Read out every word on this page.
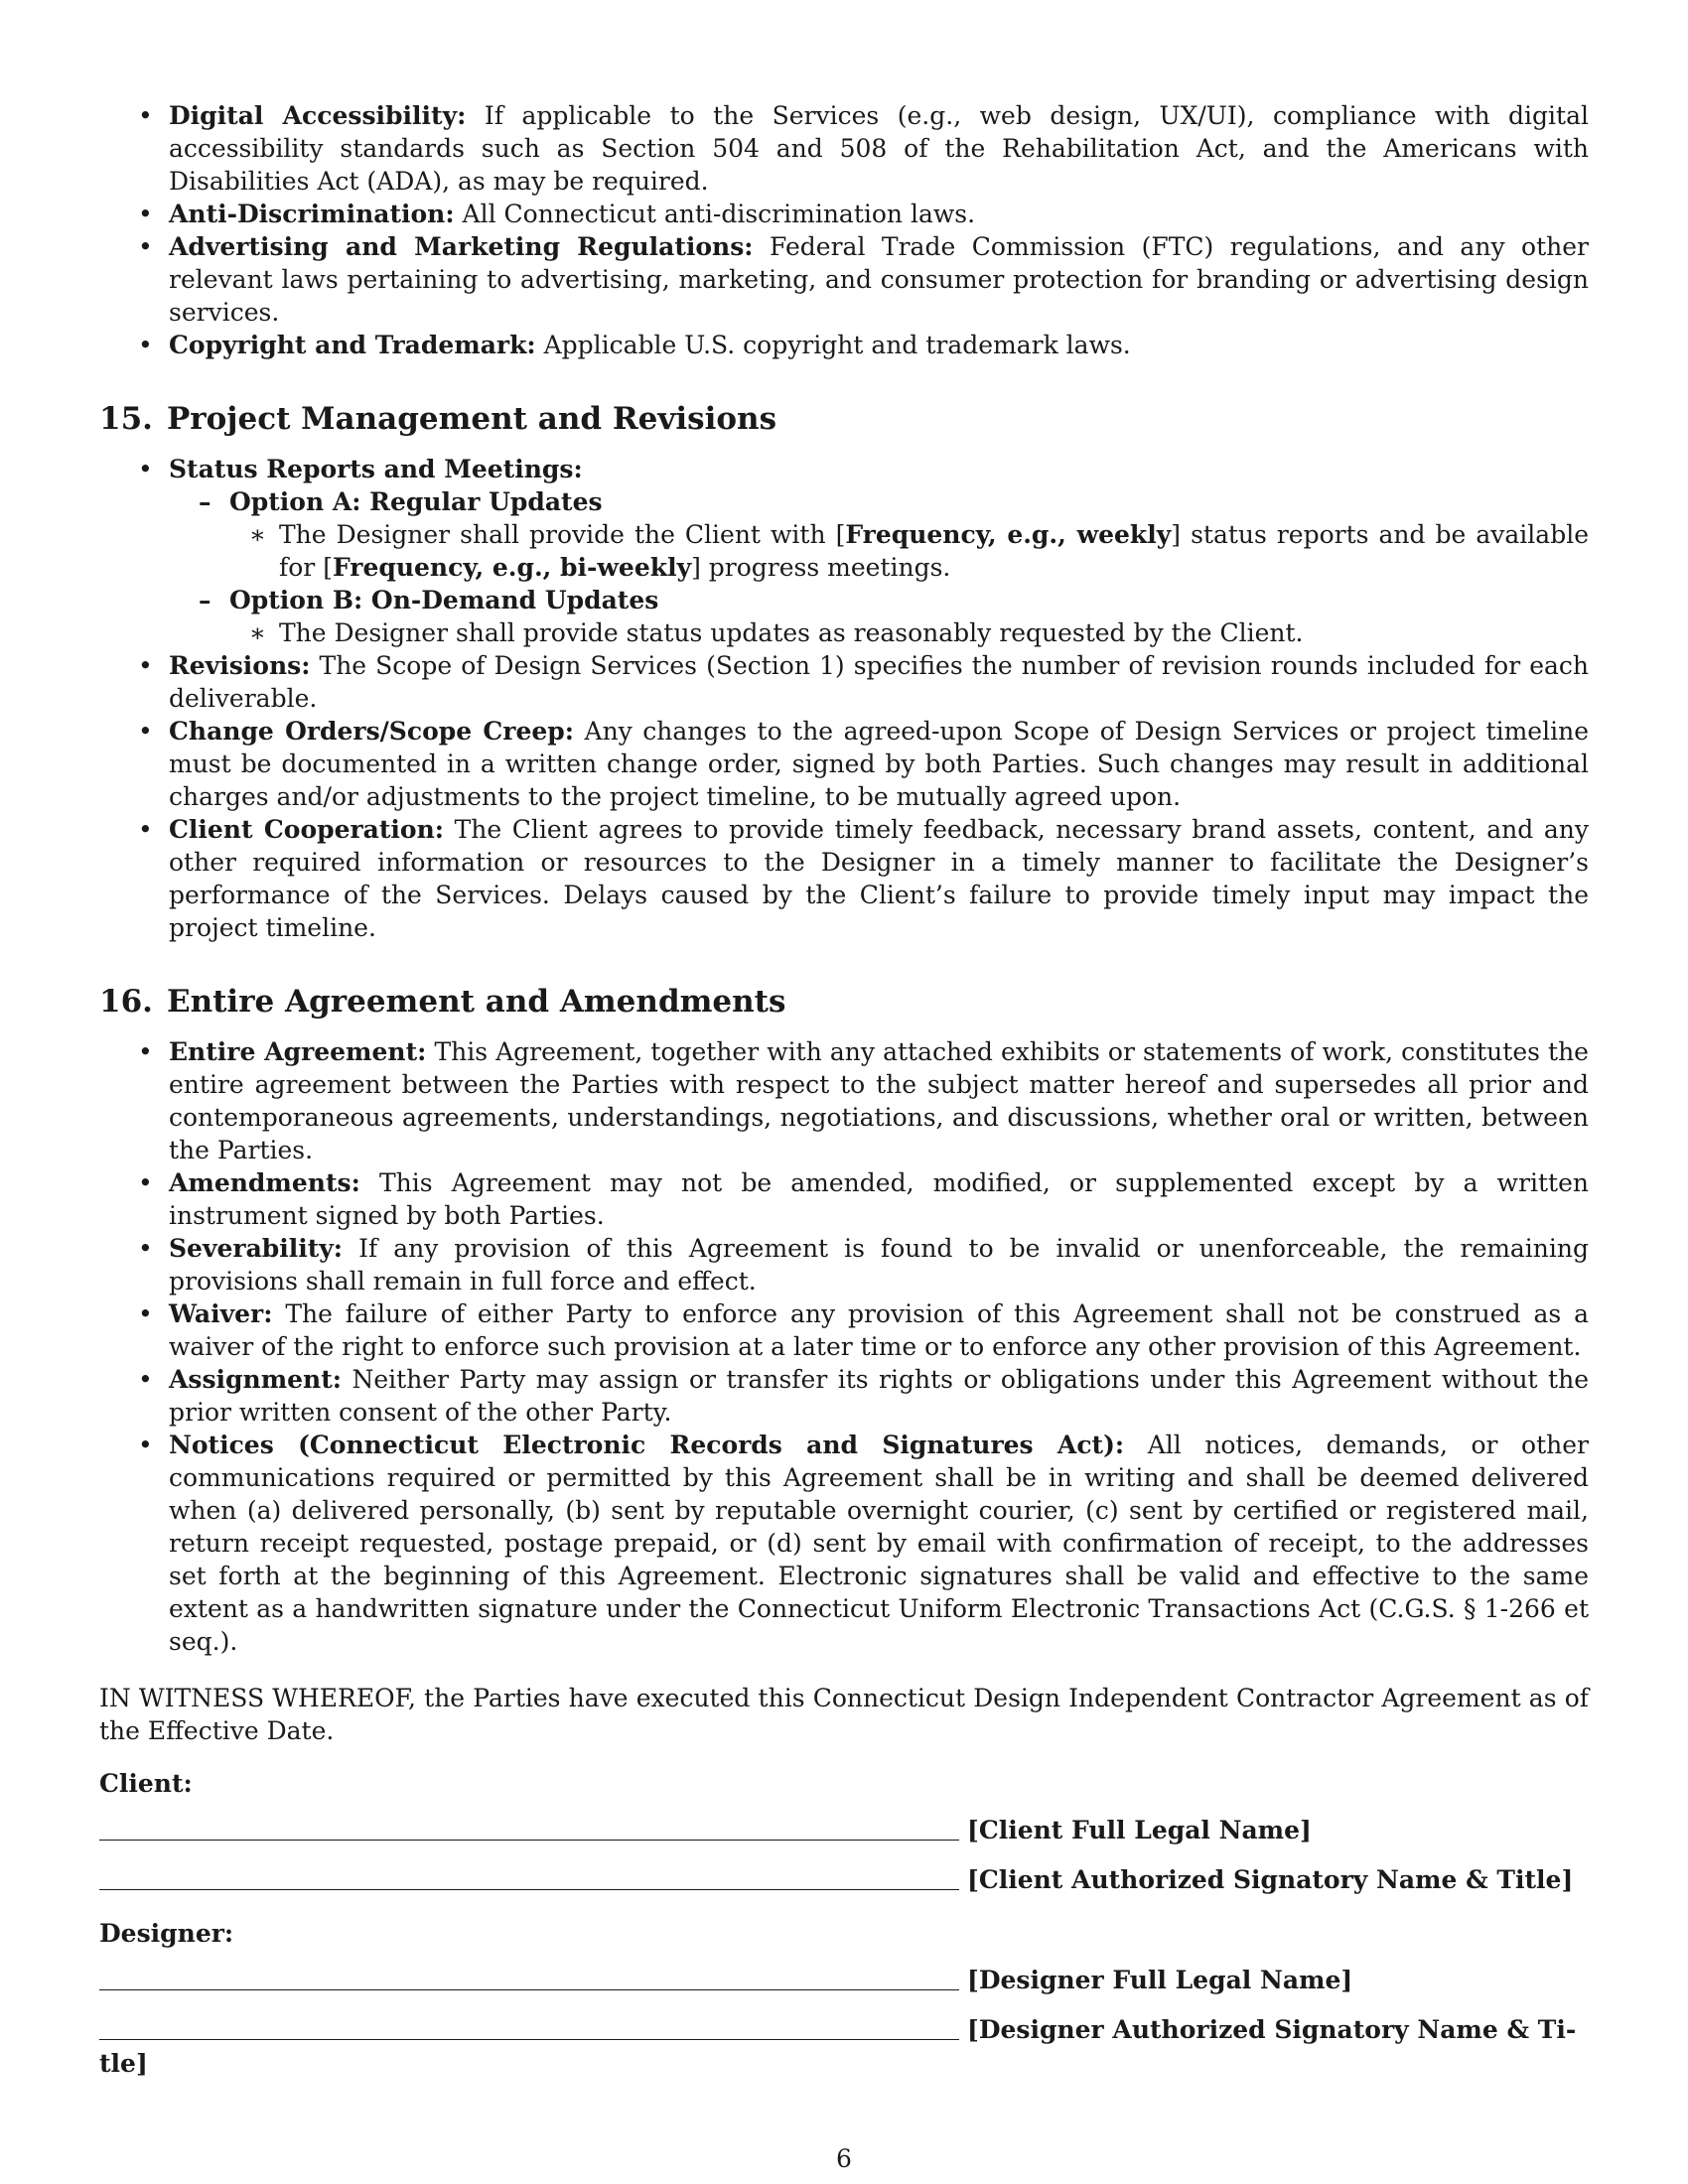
• Digital Accessibility: If applicable to the Services (e.g., web design, UX/UI), compliance with digital accessibility standards such as Section 504 and 508 of the Rehabilitation Act, and the Americans with Disabilities Act (ADA), as may be required.
• Anti-Discrimination: All Connecticut anti-discrimination laws.
• Advertising and Marketing Regulations: Federal Trade Commission (FTC) regulations, and any other relevant laws pertaining to advertising, marketing, and consumer protection for branding or advertising design services.
• Copyright and Trademark: Applicable U.S. copyright and trademark laws.
15. Project Management and Revisions
• Status Reports and Meetings:
– Option A: Regular Updates
∗ The Designer shall provide the Client with [Frequency, e.g., weekly] status reports and be available for [Frequency, e.g., bi-weekly] progress meetings.
– Option B: On-Demand Updates
∗ The Designer shall provide status updates as reasonably requested by the Client.
• Revisions: The Scope of Design Services (Section 1) specifies the number of revision rounds included for each deliverable.
• Change Orders/Scope Creep: Any changes to the agreed-upon Scope of Design Services or project timeline must be documented in a written change order, signed by both Parties. Such changes may result in additional charges and/or adjustments to the project timeline, to be mutually agreed upon.
• Client Cooperation: The Client agrees to provide timely feedback, necessary brand assets, content, and any other required information or resources to the Designer in a timely manner to facilitate the Designer’s performance of the Services. Delays caused by the Client’s failure to provide timely input may impact the project timeline.
16. Entire Agreement and Amendments
• Entire Agreement: This Agreement, together with any attached exhibits or statements of work, constitutes the entire agreement between the Parties with respect to the subject matter hereof and supersedes all prior and contemporaneous agreements, understandings, negotiations, and discussions, whether oral or written, between the Parties.
• Amendments: This Agreement may not be amended, modified, or supplemented except by a written instrument signed by both Parties.
• Severability: If any provision of this Agreement is found to be invalid or unenforceable, the remaining provisions shall remain in full force and effect.
• Waiver: The failure of either Party to enforce any provision of this Agreement shall not be construed as a waiver of the right to enforce such provision at a later time or to enforce any other provision of this Agreement.
• Assignment: Neither Party may assign or transfer its rights or obligations under this Agreement without the prior written consent of the other Party.
• Notices (Connecticut Electronic Records and Signatures Act): All notices, demands, or other communications required or permitted by this Agreement shall be in writing and shall be deemed delivered when (a) delivered personally, (b) sent by reputable overnight courier, (c) sent by certified or registered mail, return receipt requested, postage prepaid, or (d) sent by email with confirmation of receipt, to the addresses set forth at the beginning of this Agreement. Electronic signatures shall be valid and effective to the same extent as a handwritten signature under the Connecticut Uniform Electronic Transactions Act (C.G.S. § 1-266 et seq.).

IN WITNESS WHEREOF, the Parties have executed this Connecticut Design Independent Contractor Agreement as of the Effective Date.

Client:
[Client Full Legal Name]
[Client Authorized Signatory Name & Title]
Designer:
[Designer Full Legal Name]
[Designer Authorized Signatory Name & Ti-
tle]
6
